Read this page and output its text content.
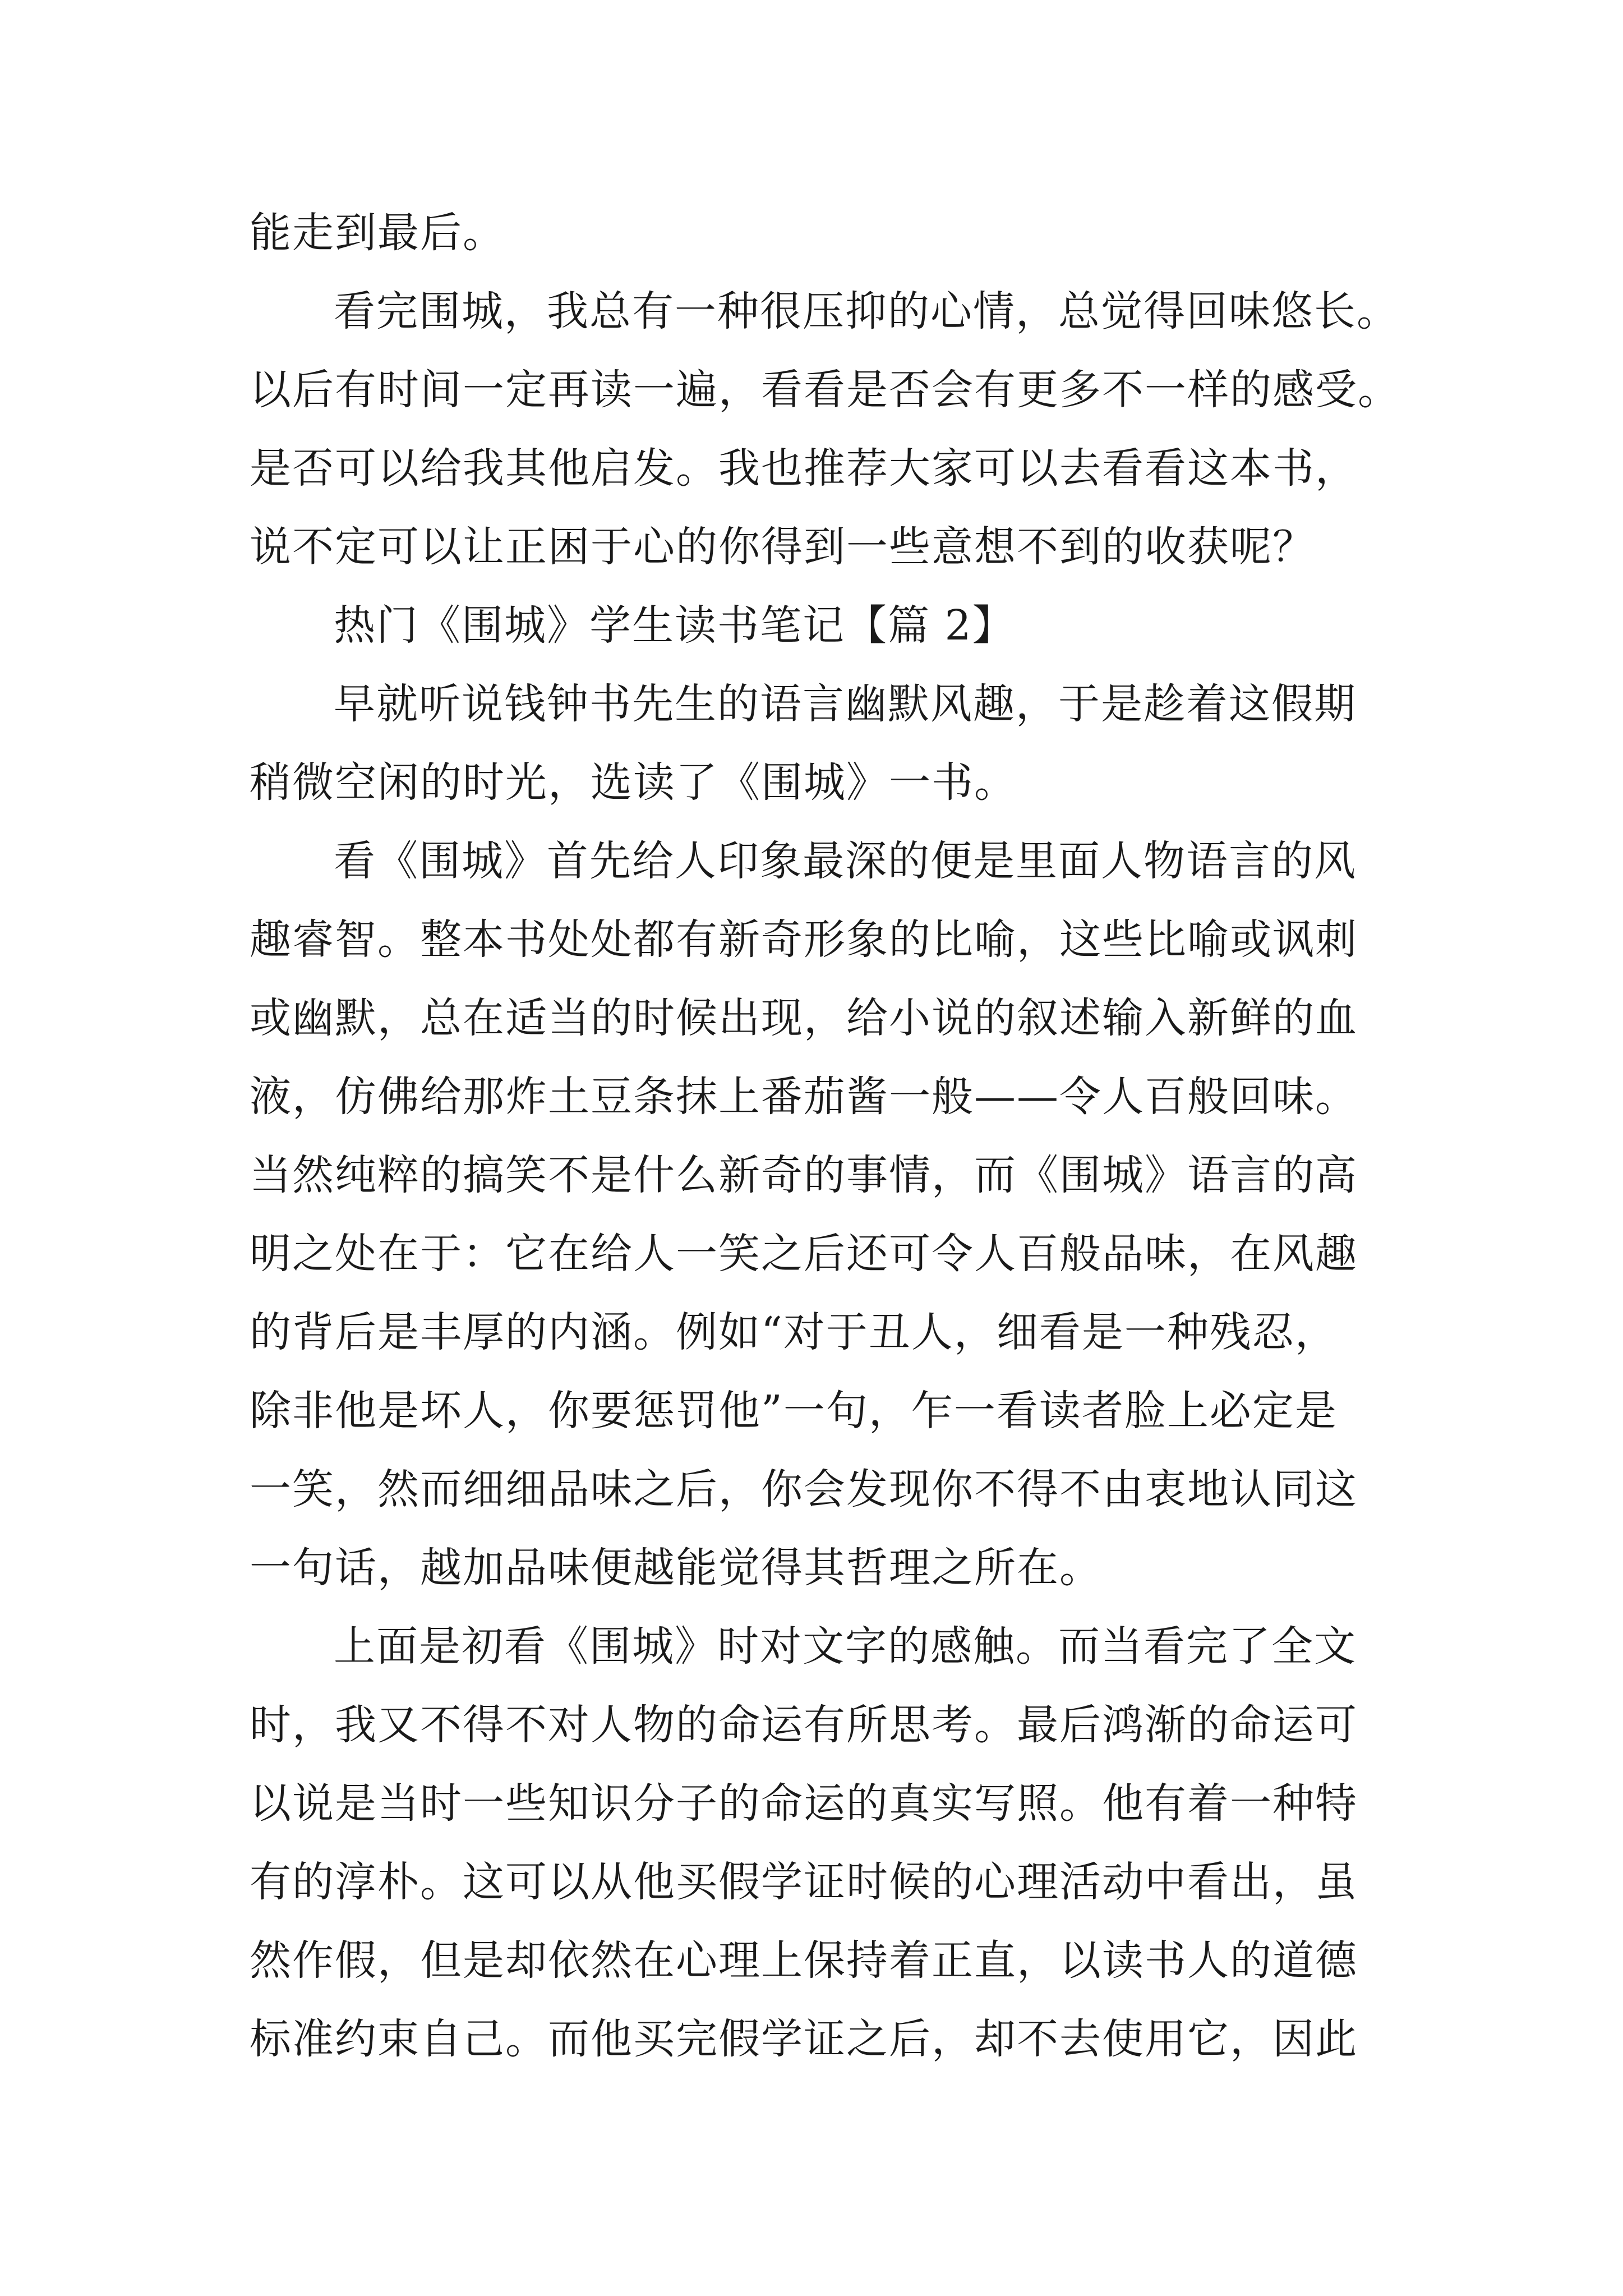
能走到最后。
看完围城，我总有一种很压抑的心情，总觉得回味悠长。
以后有时间一定再读一遍，看看是否会有更多不一样的感受。
是否可以给我其他启发。我也推荐大家可以去看看这本书，
说不定可以让正困于心的你得到一些意想不到的收获呢？
热门《围城》学生读书笔记【篇 2】
早就听说钱钟书先生的语言幽默风趣，于是趁着这假期
稍微空闲的时光，选读了《围城》一书。
看《围城》首先给人印象最深的便是里面人物语言的风
趣睿智。整本书处处都有新奇形象的比喻，这些比喻或讽刺
或幽默，总在适当的时候出现，给小说的叙述输入新鲜的血
液，仿佛给那炸土豆条抹上番茄酱一般——令人百般回味。
当然纯粹的搞笑不是什么新奇的事情，而《围城》语言的高
明之处在于：它在给人一笑之后还可令人百般品味，在风趣
的背后是丰厚的内涵。例如“对于丑人，细看是一种残忍，
除非他是坏人，你要惩罚他”一句，乍一看读者脸上必定是
一笑，然而细细品味之后，你会发现你不得不由衷地认同这
一句话，越加品味便越能觉得其哲理之所在。
上面是初看《围城》时对文字的感触。而当看完了全文
时，我又不得不对人物的命运有所思考。最后鸿渐的命运可
以说是当时一些知识分子的命运的真实写照。他有着一种特
有的淳朴。这可以从他买假学证时候的心理活动中看出，虽
然作假，但是却依然在心理上保持着正直，以读书人的道德
标准约束自己。而他买完假学证之后，却不去使用它，因此
